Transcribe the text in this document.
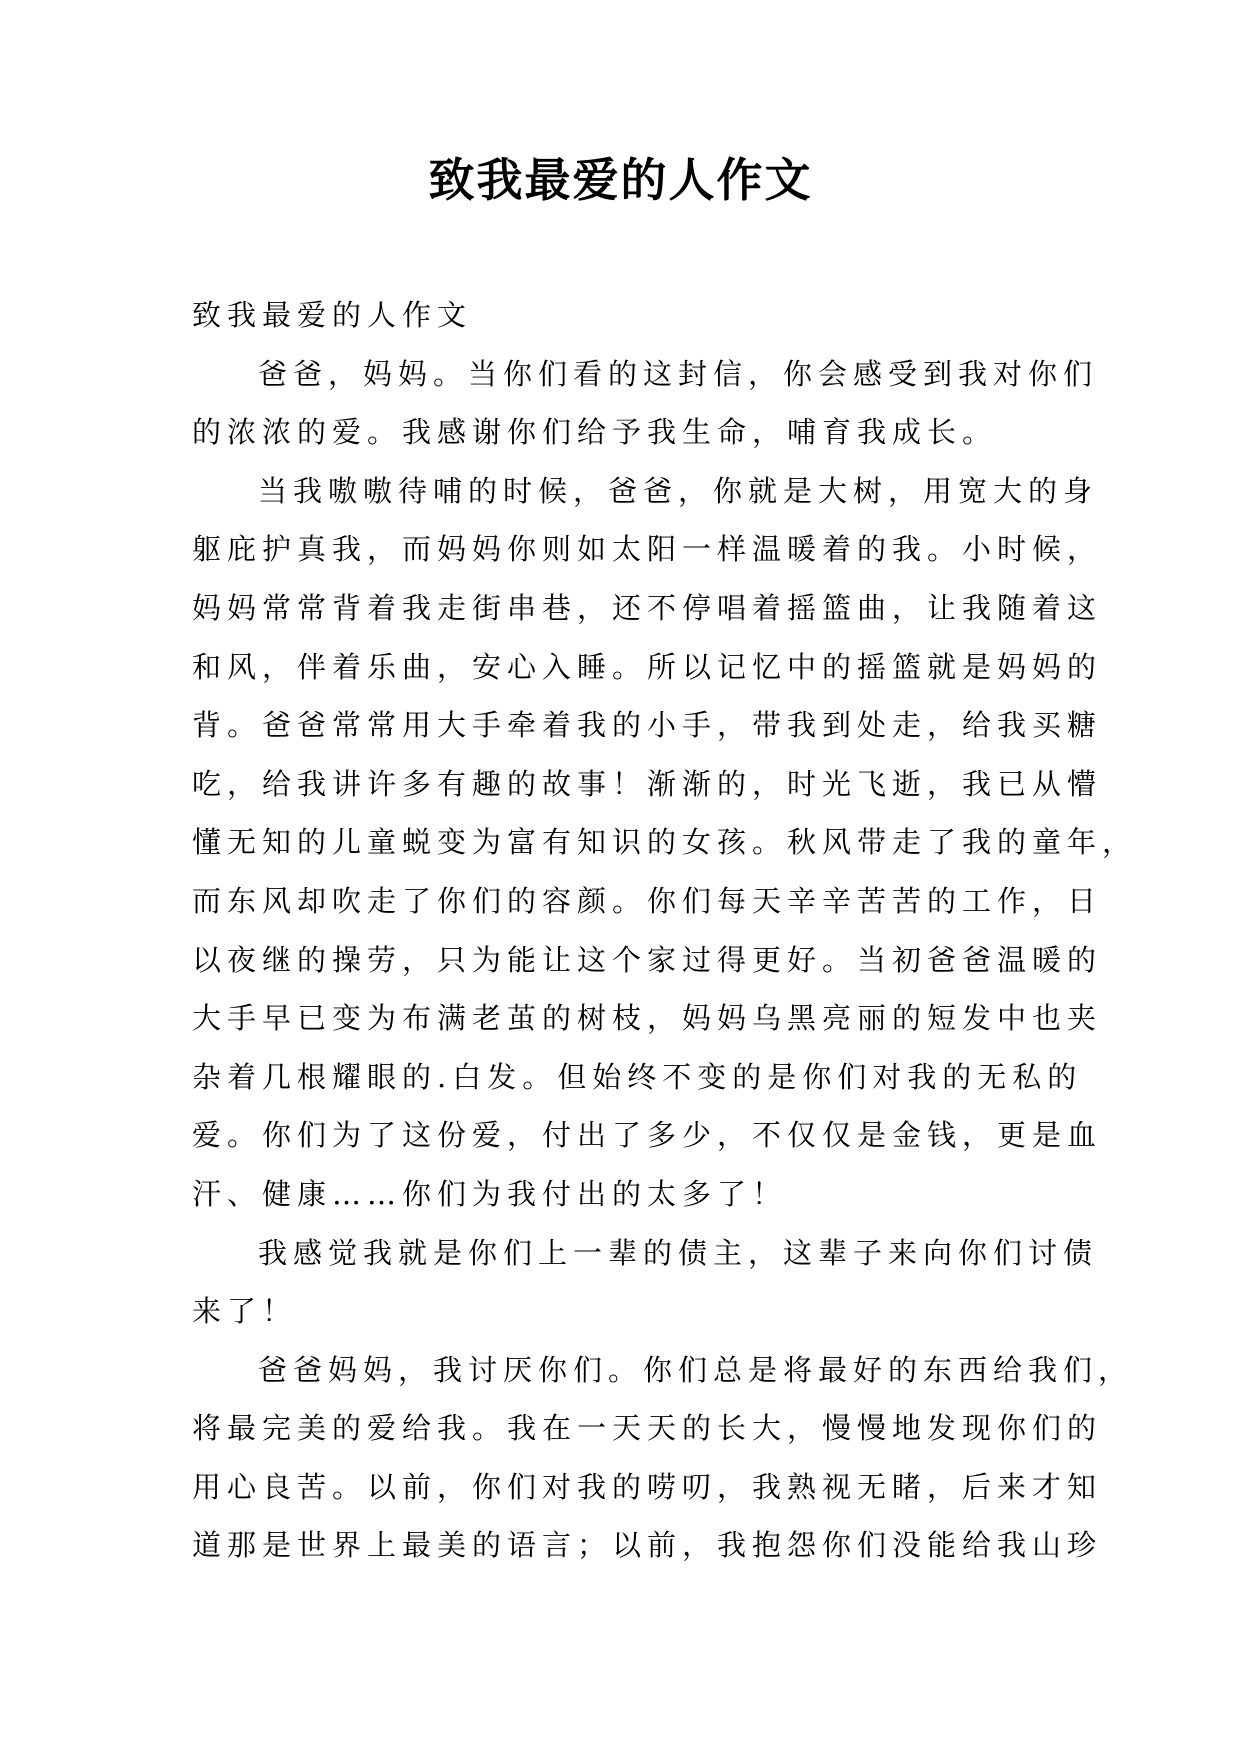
致我最爱的人作文
致我最爱的人作文
爸爸，妈妈。当你们看的这封信，你会感受到我对你们
的浓浓的爱。我感谢你们给予我生命，哺育我成长。
当我嗷嗷待哺的时候，爸爸，你就是大树，用宽大的身
躯庇护真我，而妈妈你则如太阳一样温暖着的我。小时候，
妈妈常常背着我走街串巷，还不停唱着摇篮曲，让我随着这
和风，伴着乐曲，安心入睡。所以记忆中的摇篮就是妈妈的
背。爸爸常常用大手牵着我的小手，带我到处走，给我买糖
吃，给我讲许多有趣的故事！渐渐的，时光飞逝，我已从懵
懂无知的儿童蜕变为富有知识的女孩。秋风带走了我的童年，
而东风却吹走了你们的容颜。你们每天辛辛苦苦的工作，日
以夜继的操劳，只为能让这个家过得更好。当初爸爸温暖的
大手早已变为布满老茧的树枝，妈妈乌黑亮丽的短发中也夹
杂着几根耀眼的.白发。但始终不变的是你们对我的无私的
爱。你们为了这份爱，付出了多少，不仅仅是金钱，更是血
汗、健康……你们为我付出的太多了！
我感觉我就是你们上一辈的债主，这辈子来向你们讨债
来了！
爸爸妈妈，我讨厌你们。你们总是将最好的东西给我们，
将最完美的爱给我。我在一天天的长大，慢慢地发现你们的
用心良苦。以前，你们对我的唠叨，我熟视无睹，后来才知
道那是世界上最美的语言；以前，我抱怨你们没能给我山珍
